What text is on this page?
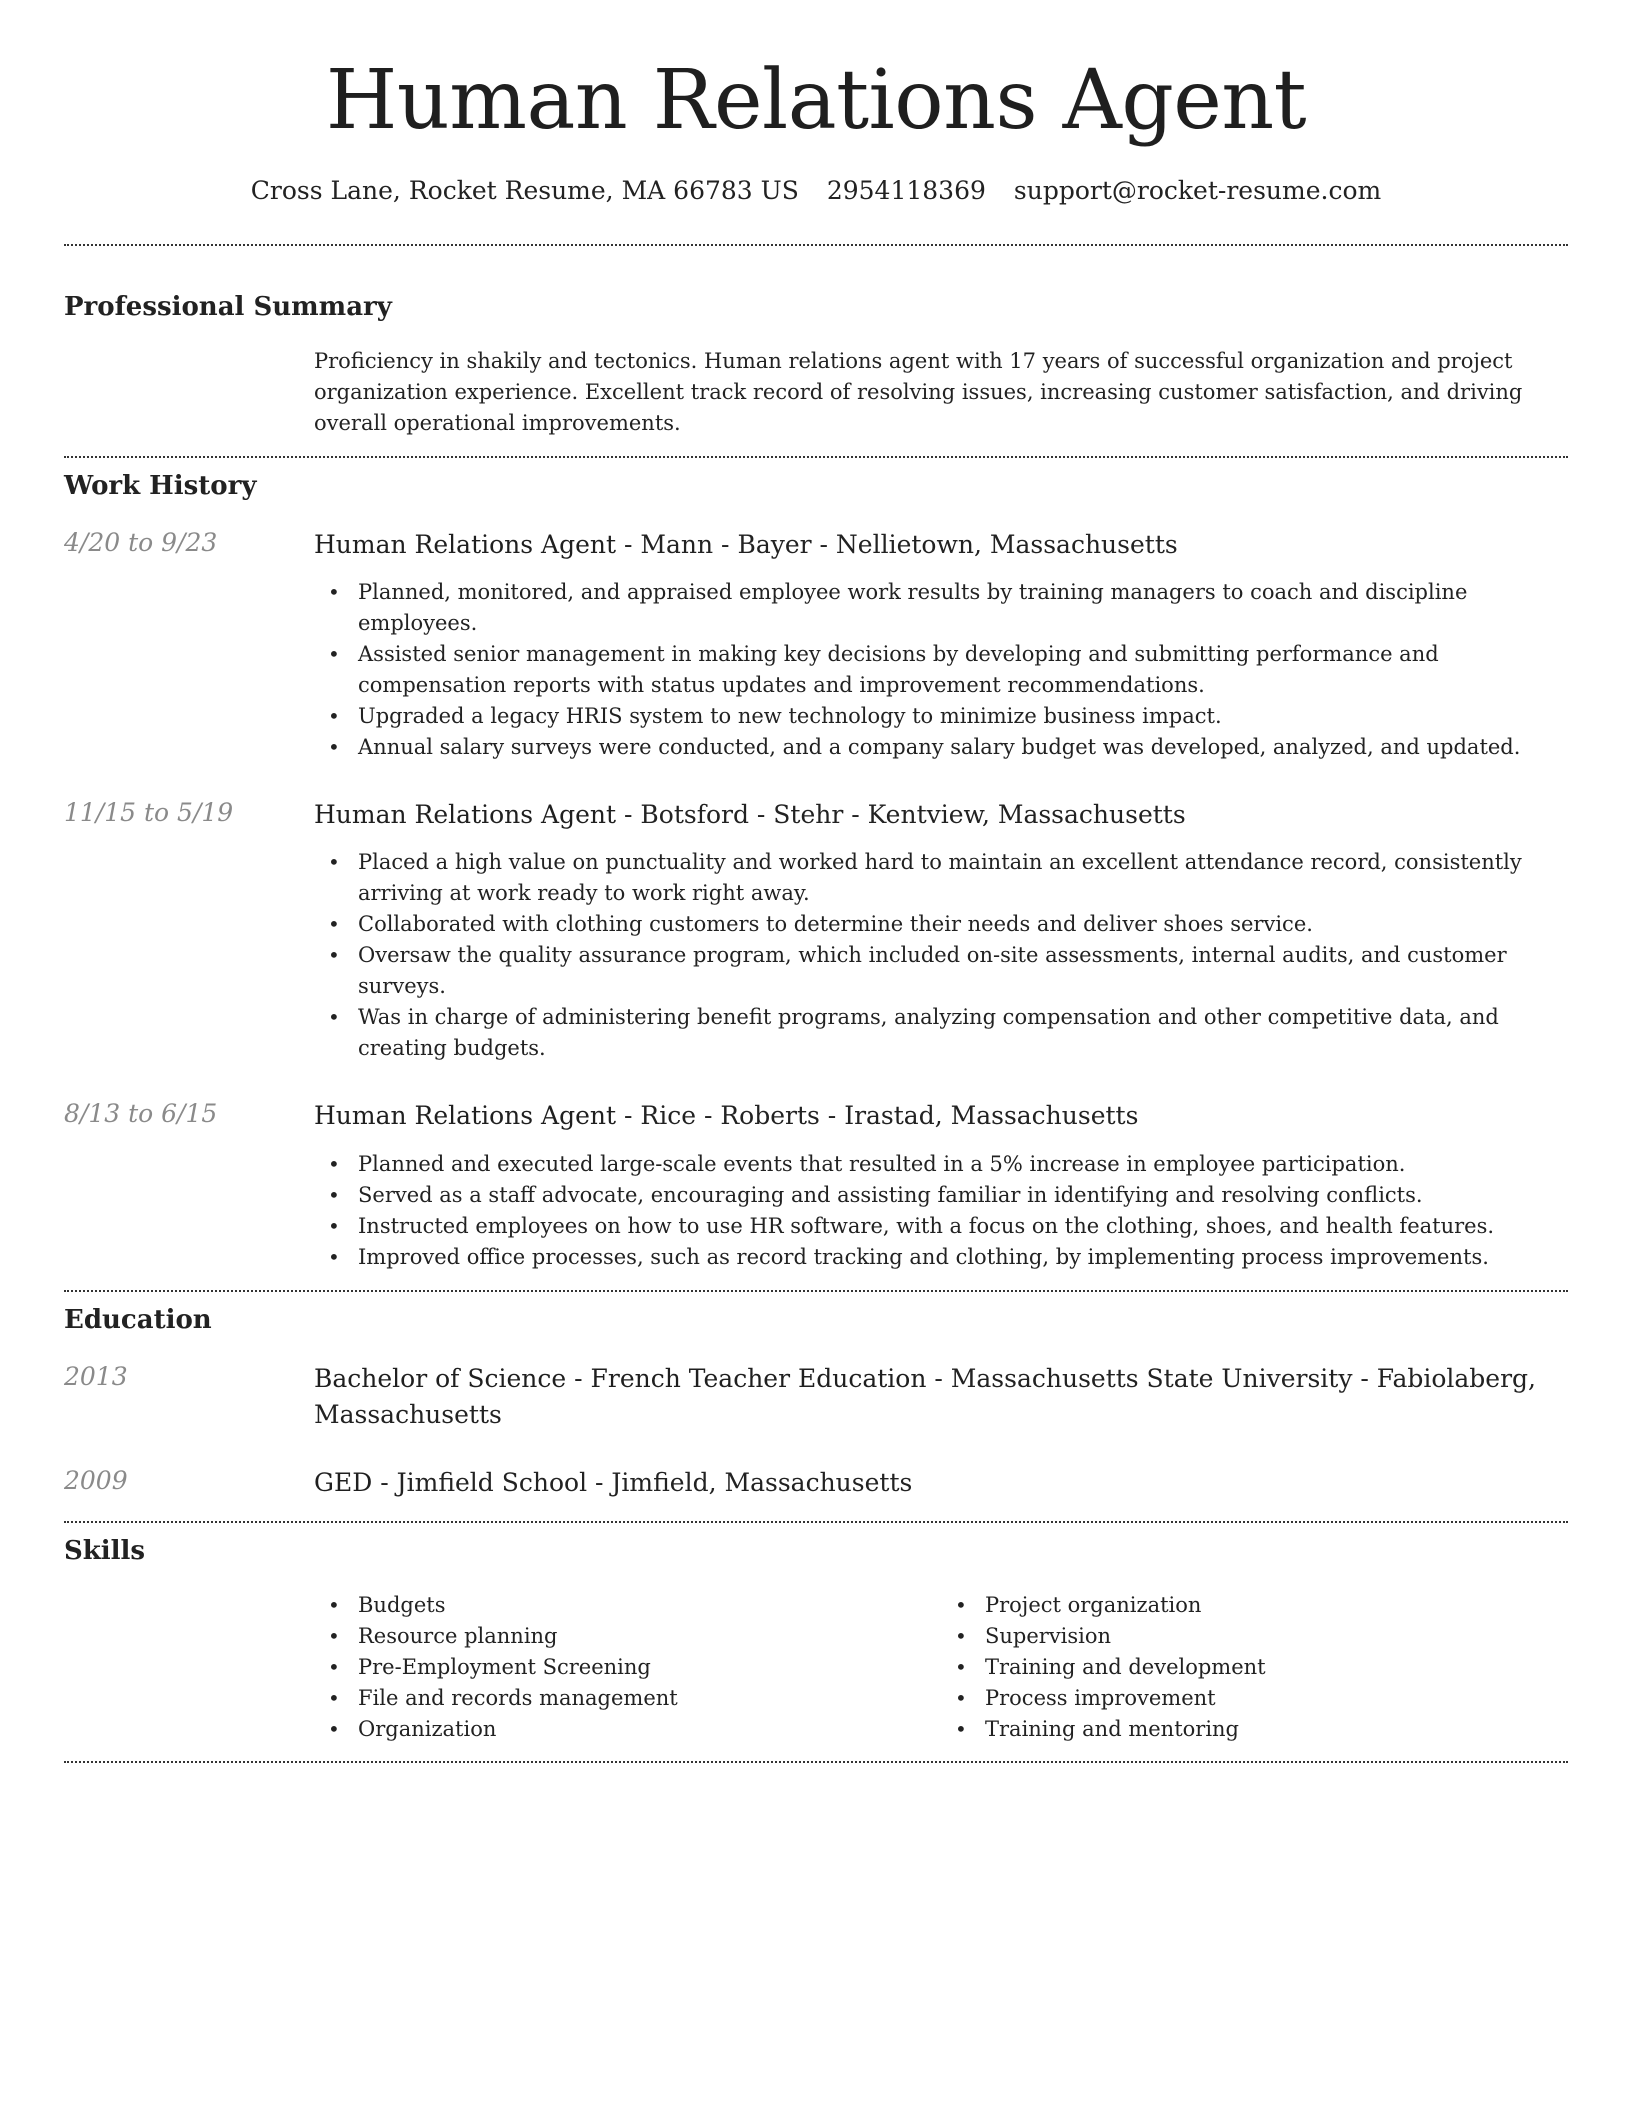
Human Relations Agent
Cross Lane, Rocket Resume, MA 66783 US 2954118369 support@rocket-resume.com
Professional Summary

Proficiency in shakily and tectonics. Human relations agent with 17 years of successful organization and project organization experience. Excellent track record of resolving issues, increasing customer satisfaction, and driving overall operational improvements.

Work History
4/20 to 9/23	Human Relations Agent - Mann - Bayer - Nellietown, Massachusetts
• Planned, monitored, and appraised employee work results by training managers to coach and discipline employees.
• Assisted senior management in making key decisions by developing and submitting performance and compensation reports with status updates and improvement recommendations.
• Upgraded a legacy HRIS system to new technology to minimize business impact.
• Annual salary surveys were conducted, and a company salary budget was developed, analyzed, and updated.
11/15 to 5/19	Human Relations Agent - Botsford - Stehr - Kentview, Massachusetts
• Placed a high value on punctuality and worked hard to maintain an excellent attendance record, consistently arriving at work ready to work right away.
• Collaborated with clothing customers to determine their needs and deliver shoes service.
• Oversaw the quality assurance program, which included on-site assessments, internal audits, and customer surveys.
• Was in charge of administering benefit programs, analyzing compensation and other competitive data, and creating budgets.
8/13 to 6/15	Human Relations Agent - Rice - Roberts - Irastad, Massachusetts
• Planned and executed large-scale events that resulted in a 5% increase in employee participation.
• Served as a staff advocate, encouraging and assisting familiar in identifying and resolving conflicts.
• Instructed employees on how to use HR software, with a focus on the clothing, shoes, and health features.
• Improved office processes, such as record tracking and clothing, by implementing process improvements.
Education
2013	Bachelor of Science - French Teacher Education - Massachusetts State University - Fabiolaberg, Massachusetts
2009	GED - Jimfield School - Jimfield, Massachusetts
Skills
• Budgets
• Resource planning
• Pre-Employment Screening
• File and records management
• Organization
• Project organization
• Supervision
• Training and development
• Process improvement
• Training and mentoring
